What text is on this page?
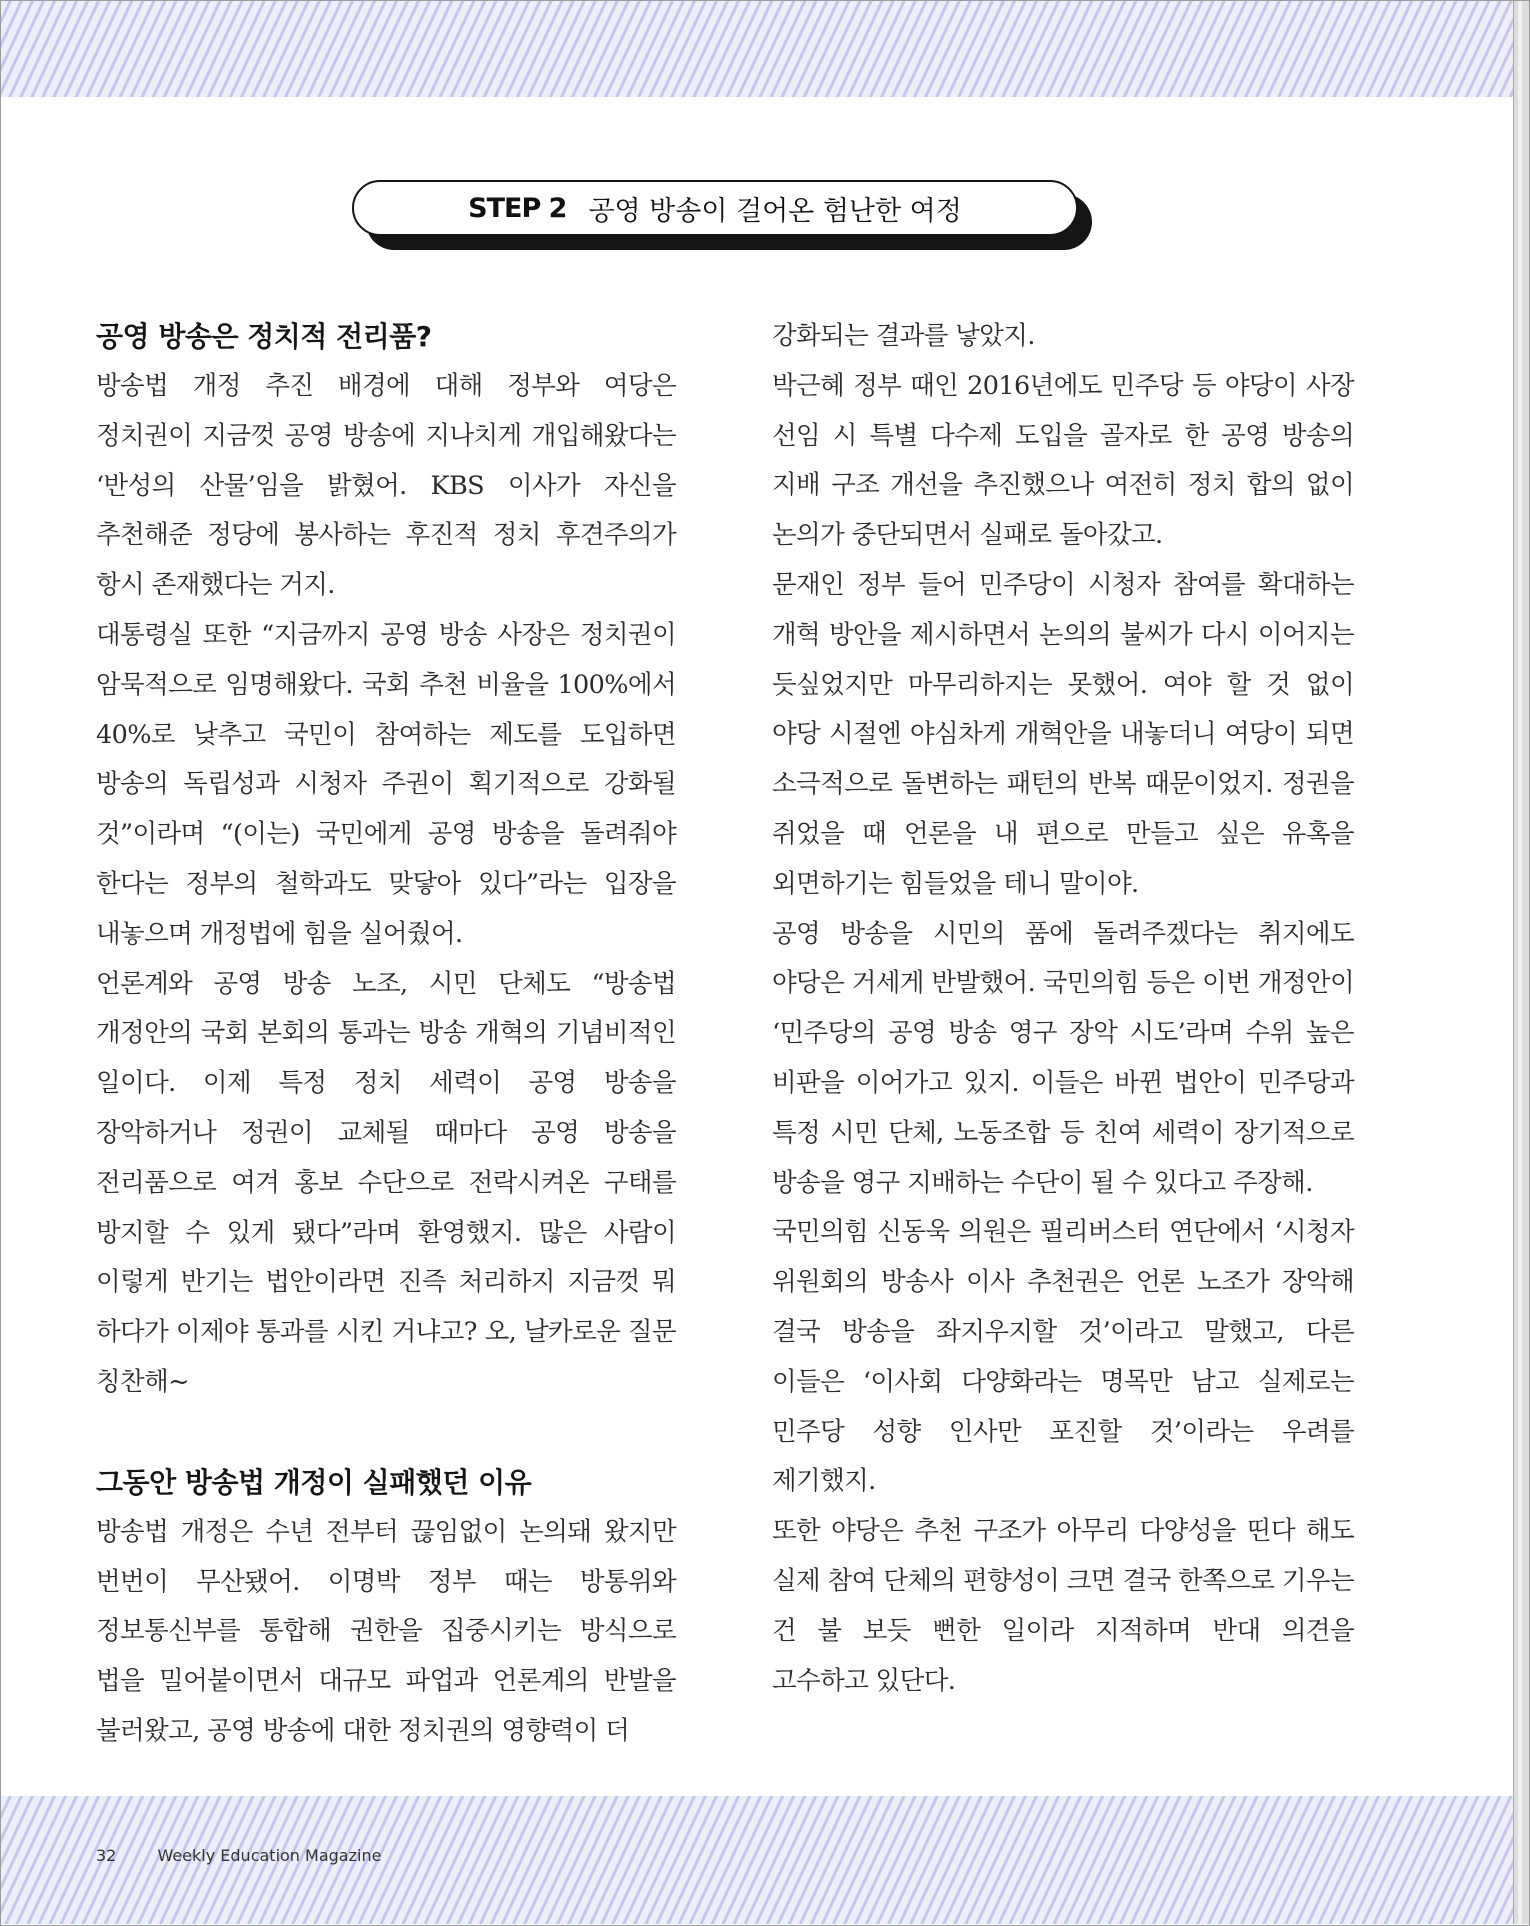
STEP 2 공영 방송이 걸어온 험난한 여정
공영 방송은 정치적 전리품?

방송법 개정 추진 배경에 대해 정부와 여당은 정치권이 지금껏 공영 방송에 지나치게 개입해왔다는 ‘반성의 산물’임을 밝혔어. KBS 이사가 자신을 추천해준 정당에 봉사하는 후진적 정치 후견주의가 항시 존재했다는 거지.

대통령실 또한 “지금까지 공영 방송 사장은 정치권이 암묵적으로 임명해왔다. 국회 추천 비율을 100%에서 40%로 낮추고 국민이 참여하는 제도를 도입하면 방송의 독립성과 시청자 주권이 획기적으로 강화될 것”이라며 “(이는) 국민에게 공영 방송을 돌려줘야 한다는 정부의 철학과도 맞닿아 있다”라는 입장을 내놓으며 개정법에 힘을 실어줬어.

언론계와 공영 방송 노조, 시민 단체도 “방송법 개정안의 국회 본회의 통과는 방송 개혁의 기념비적인 일이다. 이제 특정 정치 세력이 공영 방송을 장악하거나 정권이 교체될 때마다 공영 방송을 전리품으로 여겨 홍보 수단으로 전락시켜온 구태를 방지할 수 있게 됐다”라며 환영했지. 많은 사람이 이렇게 반기는 법안이라면 진즉 처리하지 지금껏 뭐 하다가 이제야 통과를 시킨 거냐고? 오, 날카로운 질문 칭찬해~

그동안 방송법 개정이 실패했던 이유

방송법 개정은 수년 전부터 끊임없이 논의돼 왔지만 번번이 무산됐어. 이명박 정부 때는 방통위와 정보통신부를 통합해 권한을 집중시키는 방식으로 법을 밀어붙이면서 대규모 파업과 언론계의 반발을 불러왔고, 공영 방송에 대한 정치권의 영향력이 더

강화되는 결과를 낳았지.

박근혜 정부 때인 2016년에도 민주당 등 야당이 사장 선임 시 특별 다수제 도입을 골자로 한 공영 방송의 지배 구조 개선을 추진했으나 여전히 정치 합의 없이 논의가 중단되면서 실패로 돌아갔고.

문재인 정부 들어 민주당이 시청자 참여를 확대하는 개혁 방안을 제시하면서 논의의 불씨가 다시 이어지는 듯싶었지만 마무리하지는 못했어. 여야 할 것 없이 야당 시절엔 야심차게 개혁안을 내놓더니 여당이 되면 소극적으로 돌변하는 패턴의 반복 때문이었지. 정권을 쥐었을 때 언론을 내 편으로 만들고 싶은 유혹을 외면하기는 힘들었을 테니 말이야.

공영 방송을 시민의 품에 돌려주겠다는 취지에도 야당은 거세게 반발했어. 국민의힘 등은 이번 개정안이 ‘민주당의 공영 방송 영구 장악 시도’라며 수위 높은 비판을 이어가고 있지. 이들은 바뀐 법안이 민주당과 특정 시민 단체, 노동조합 등 친여 세력이 장기적으로 방송을 영구 지배하는 수단이 될 수 있다고 주장해.

국민의힘 신동욱 의원은 필리버스터 연단에서 ‘시청자 위원회의 방송사 이사 추천권은 언론 노조가 장악해 결국 방송을 좌지우지할 것’이라고 말했고, 다른 이들은 ‘이사회 다양화라는 명목만 남고 실제로는 민주당 성향 인사만 포진할 것’이라는 우려를 제기했지.

또한 야당은 추천 구조가 아무리 다양성을 띤다 해도 실제 참여 단체의 편향성이 크면 결국 한쪽으로 기우는 건 불 보듯 뻔한 일이라 지적하며 반대 의견을 고수하고 있단다.

32	Weekly Education Magazine
